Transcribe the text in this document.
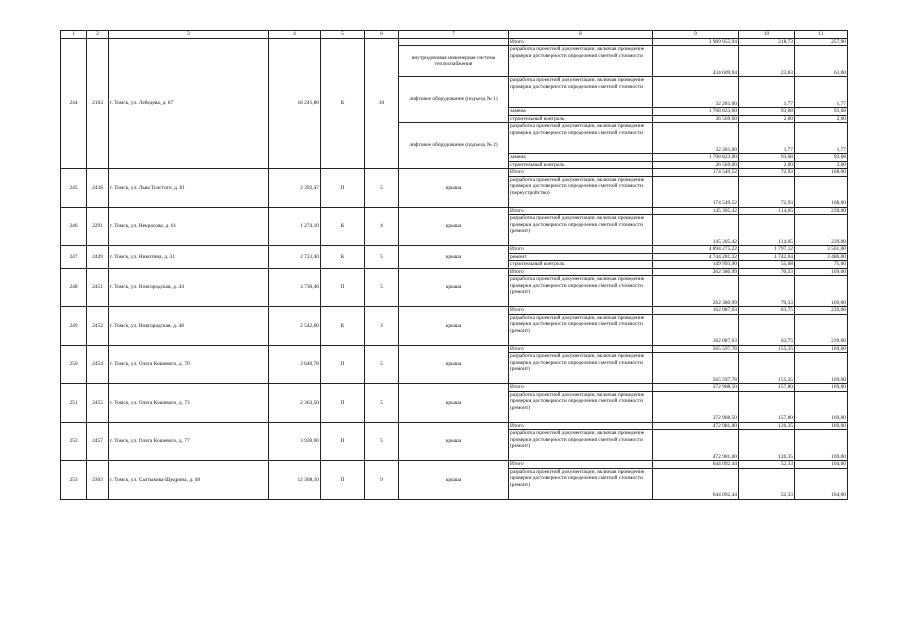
1	2	3	4	5	6	7	8	9	10	11
244	2163	г. Томск, ул. Лебедева, д. 87	18 241,80	К	10		Итого	3 989 955,94	218,73	257,90
						внутридомовая инженерная система теплоснабжения	разработка проектной документации, включая проведение проверки достоверности определения сметной стоимости	434 609,94	23,83	63,00
						лифтовое оборудование (подъезд № 1)	разработка проектной документации, включая проведение проверки достоверности определения сметной стоимости	32 281,00	1,77	1,77
							замена	1 708 823,00	93,68	93,68
							строительный контроль	36 569,00	2,00	2,00
						лифтовое оборудование (подъезд № 2)	разработка проектной документации, включая проведение проверки достоверности определения сметной стоимости	32 281,00	1,77	1,77
							замена	1 708 823,00	93,68	93,68
							строительный контроль	36 569,00	2,00	2,00
245	2438	г. Томск, ул. Льва Толстого, д. 81	2 393,47	П	5	крыша	Итого	174 549,52	72,93	168,00
							разработка проектной документации, включая проведение проверки достоверности определения сметной стоимости (переустройство)	174 549,52	72,93	168,00
246	2291	г. Томск, ул. Некрасова, д. 61	1 274,10	К	4	крыша	Итого	145 305,42	114,05	239,00
							разработка проектной документации, включая проведение проверки достоверности определения сметной стоимости (ремонт)	145 305,42	114,05	239,00
247	2449	г. Томск, ул. Никитина, д. 31	2 723,40	К	5	крыша	Итого	4 894 275,22	1 797,12	3 561,00
							ремонт	4 744 281,32	1 742,04	3 486,00
							строительный контроль	149 993,90	55,08	75,00
248	2451	г. Томск, ул. Новгородская, д. 44	3 730,46	П	5	крыша	Итого	262 380,99	70,33	169,00
							разработка проектной документации, включая проведение проверки достоверности определения сметной стоимости (ремонт)	262 380,99	70,33	169,00
249	2452	г. Томск, ул. Новгородская, д. 48	2 542,60	К	3	крыша	Итого	162 087,03	63,75	239,00
							разработка проектной документации, включая проведение проверки достоверности определения сметной стоимости (ремонт)	162 087,03	63,75	239,00
250	2454	г. Томск, ул. Олега Кошевого, д. 70	3 640,78	П	5	крыша	Итого	565 597,78	155,35	169,00
							разработка проектной документации, включая проведение проверки достоверности определения сметной стоимости (ремонт)	565 597,78	155,35	169,00
251	2455	г. Томск, ул. Олега Кошевого, д. 73	2 363,50	П	5	крыша	Итого	372 968,50	157,80	169,00
							разработка проектной документации, включая проведение проверки достоверности определения сметной стоимости (ремонт)	372 968,50	157,80	169,00
252	2457	г. Томск, ул. Олега Кошевого, д. 77	3 930,00	П	5	крыша	Итого	472 981,00	120,35	169,00
							разработка проектной документации, включая проведение проверки достоверности определения сметной стоимости (ремонт)	472 981,00	120,35	169,00
253	2303	г. Томск, ул. Салтыкова-Щедрина, д. 48	12 308,10	П	9	крыша	Итого	644 092,44	52,33	164,00
							разработка проектной документации, включая проведение проверки достоверности определения сметной стоимости (ремонт)	644 092,44	52,33	164,00
